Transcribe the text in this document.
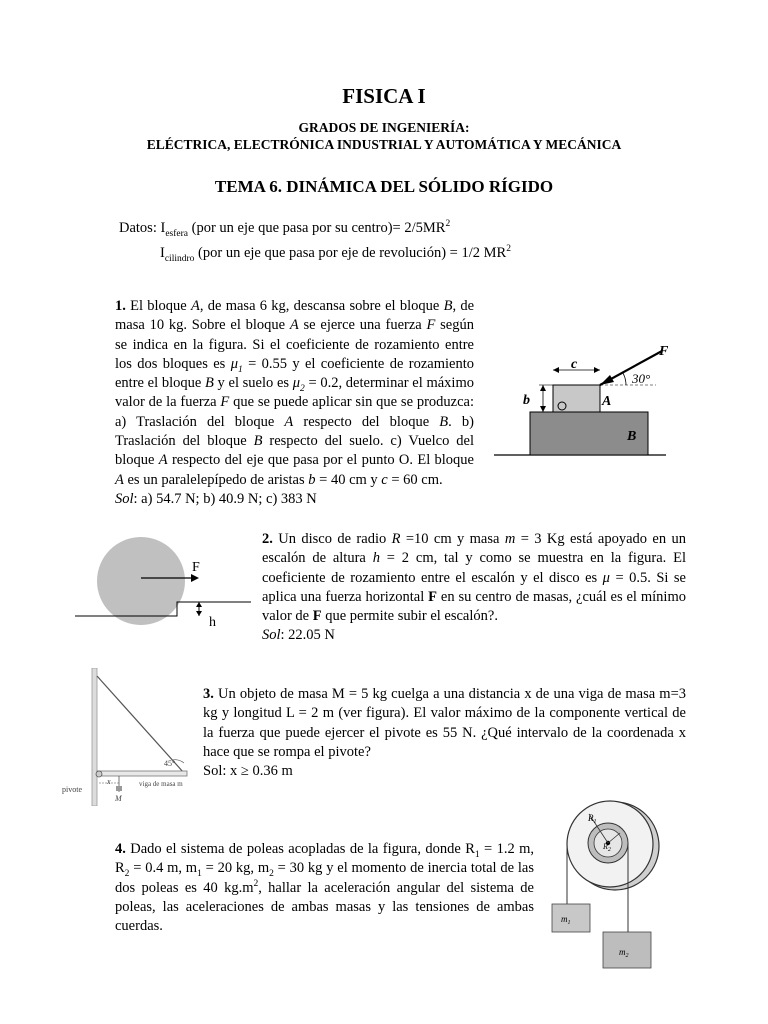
FISICA I
GRADOS DE INGENIERÍA:
ELÉCTRICA, ELECTRÓNICA INDUSTRIAL Y AUTOMÁTICA Y MECÁNICA
TEMA 6. DINÁMICA DEL SÓLIDO RÍGIDO
Datos: $I_{esfera}$ (por un eje que pasa por su centro)= $2/5MR^2$
$I_{cilindro}$ (por un eje que pasa por eje de revolución) = 1/2 $MR^2$
1. El bloque A, de masa 6 kg, descansa sobre el bloque B, de masa 10 kg. Sobre el bloque A se ejerce una fuerza F según se indica en la figura. Si el coeficiente de rozamiento entre los dos bloques es $\mu_1 = 0.55$ y el coeficiente de rozamiento entre el bloque B y el suelo es $\mu_2 = 0.2$, determinar el máximo valor de la fuerza F que se puede aplicar sin que se produzca: a) Traslación del bloque A respecto del bloque B. b) Traslación del bloque B respecto del suelo. c) Vuelco del bloque A respecto del eje que pasa por el punto O. El bloque A es un paralelepípedo de aristas b = 40 cm y c = 60 cm.
Sol: a) 54.7 N; b) 40.9 N; c) 383 N
F
c
30°
b	A
B
2. Un disco de radio R =10 cm y masa m = 3 Kg está apoyado en un escalón de altura h = 2 cm, tal y como se muestra en la figura. El coeficiente de rozamiento entre el escalón y el disco es μ = 0.5. Si se aplica una fuerza horizontal F en su centro de masas, ¿cuál es el mínimo valor de F que permite subir el escalón?.
Sol: 22.05 N
F
h
3. Un objeto de masa M = 5 kg cuelga a una distancia x de una viga de masa m=3 kg y longitud L = 2 m (ver figura). El valor máximo de la componente vertical de la fuerza que puede ejercer el pivote es 55 N. ¿Qué intervalo de la coordenada x hace que se rompa el pivote?
Sol: x ≥ 0.36 m
45°
x
pivote
viga de masa m
M
4. Dado el sistema de poleas acopladas de la figura, donde $R_1 = 1.2$ m, $R_2 = 0.4$ m, $m_1 = 20$ kg, $m_2 = 30$ kg y el momento de inercia total de las dos poleas es 40 $kg.m^2$, hallar la aceleración angular del sistema de poleas, las aceleraciones de ambas masas y las tensiones de ambas cuerdas.
$R_1$
$R_2$
$m_1$
$m_2$
